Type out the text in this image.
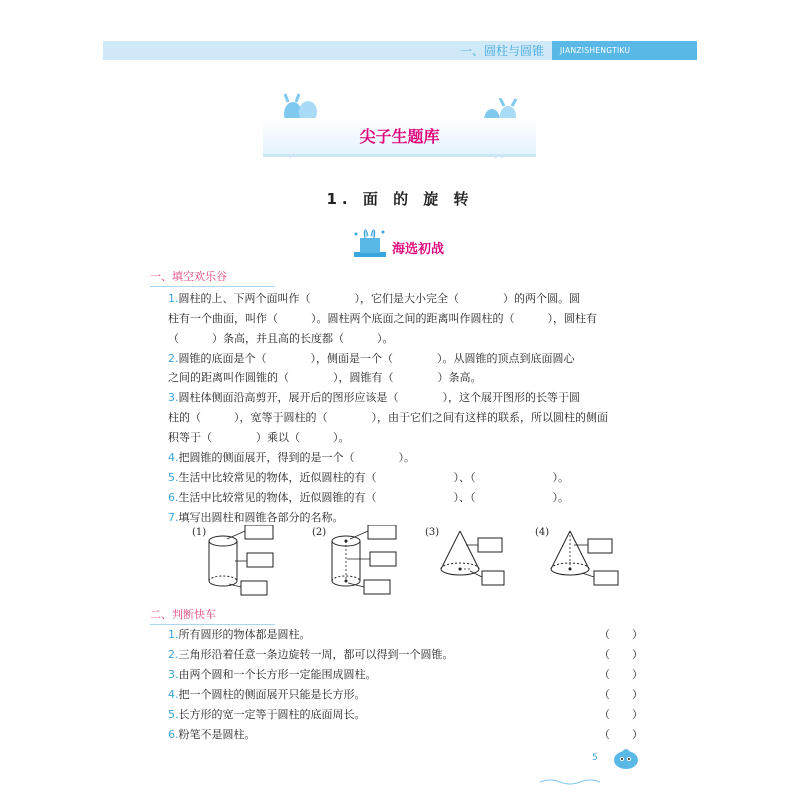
一、圆柱与圆锥	JIANZISHENGTIKU
尖子生题库
1. 面 的 旋 转
海选初战
一、填空欢乐谷
1.圆柱的上、下两个面叫作（　　　　），它们是大小完全（　　　　）的两个圆。圆
柱有一个曲面，叫作（　　　）。圆柱两个底面之间的距离叫作圆柱的（　　　），圆柱有
（　　　）条高，并且高的长度都（　　　）。
2.圆锥的底面是个（　　　　），侧面是一个（　　　　）。从圆锥的顶点到底面圆心
之间的距离叫作圆锥的（　　　　），圆锥有（　　　　）条高。
3.圆柱体侧面沿高剪开，展开后的图形应该是（　　　　），这个展开图形的长等于圆
柱的（　　　），宽等于圆柱的（　　　　），由于它们之间有这样的联系，所以圆柱的侧面
积等于（　　　　）乘以（　　　）。
4.把圆锥的侧面展开，得到的是一个（　　　　）。
5.生活中比较常见的物体，近似圆柱的有（　　　　　　　）、（　　　　　　　）。
6.生活中比较常见的物体，近似圆锥的有（　　　　　　　）、（　　　　　　　）。
7.填写出圆柱和圆锥各部分的名称。
(1)	(2)	(3)	(4)
二、判断快车
1.所有圆形的物体都是圆柱。	（　　）
2.三角形沿着任意一条边旋转一周，都可以得到一个圆锥。	（　　）
3.由两个圆和一个长方形一定能围成圆柱。	（　　）
4.把一个圆柱的侧面展开只能是长方形。	（　　）
5.长方形的宽一定等于圆柱的底面周长。	（　　）
6.粉笔不是圆柱。	（　　）
5
